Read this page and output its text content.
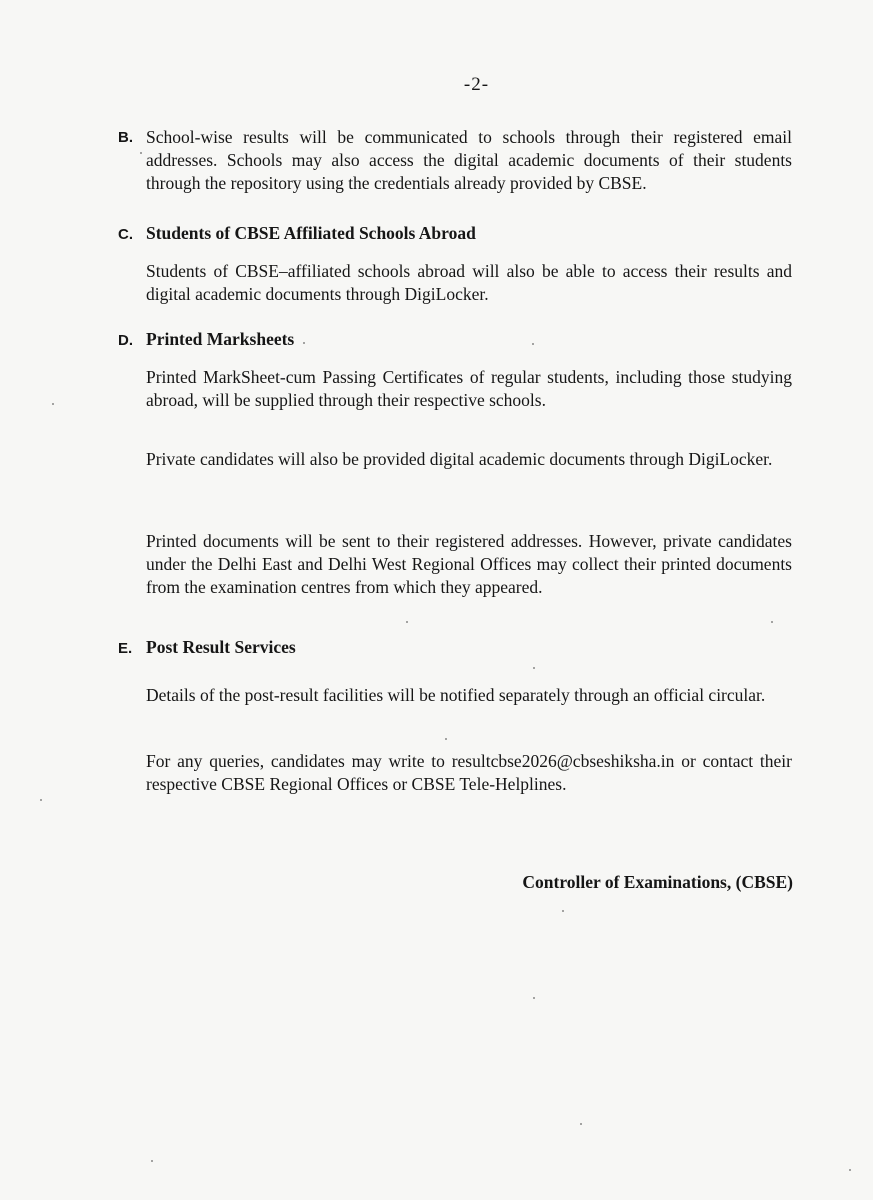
-2-
B. School-wise results will be communicated to schools through their registered email addresses. Schools may also access the digital academic documents of their students through the repository using the credentials already provided by CBSE.

C. Students of CBSE Affiliated Schools Abroad

Students of CBSE–affiliated schools abroad will also be able to access their results and digital academic documents through DigiLocker.

D. Printed Marksheets

Printed MarkSheet-cum Passing Certificates of regular students, including those studying abroad, will be supplied through their respective schools.

Private candidates will also be provided digital academic documents through DigiLocker.

Printed documents will be sent to their registered addresses. However, private candidates under the Delhi East and Delhi West Regional Offices may collect their printed documents from the examination centres from which they appeared.

E. Post Result Services

Details of the post-result facilities will be notified separately through an official circular.

For any queries, candidates may write to resultcbse2026@cbseshiksha.in or contact their respective CBSE Regional Offices or CBSE Tele-Helplines.

Controller of Examinations, (CBSE)
